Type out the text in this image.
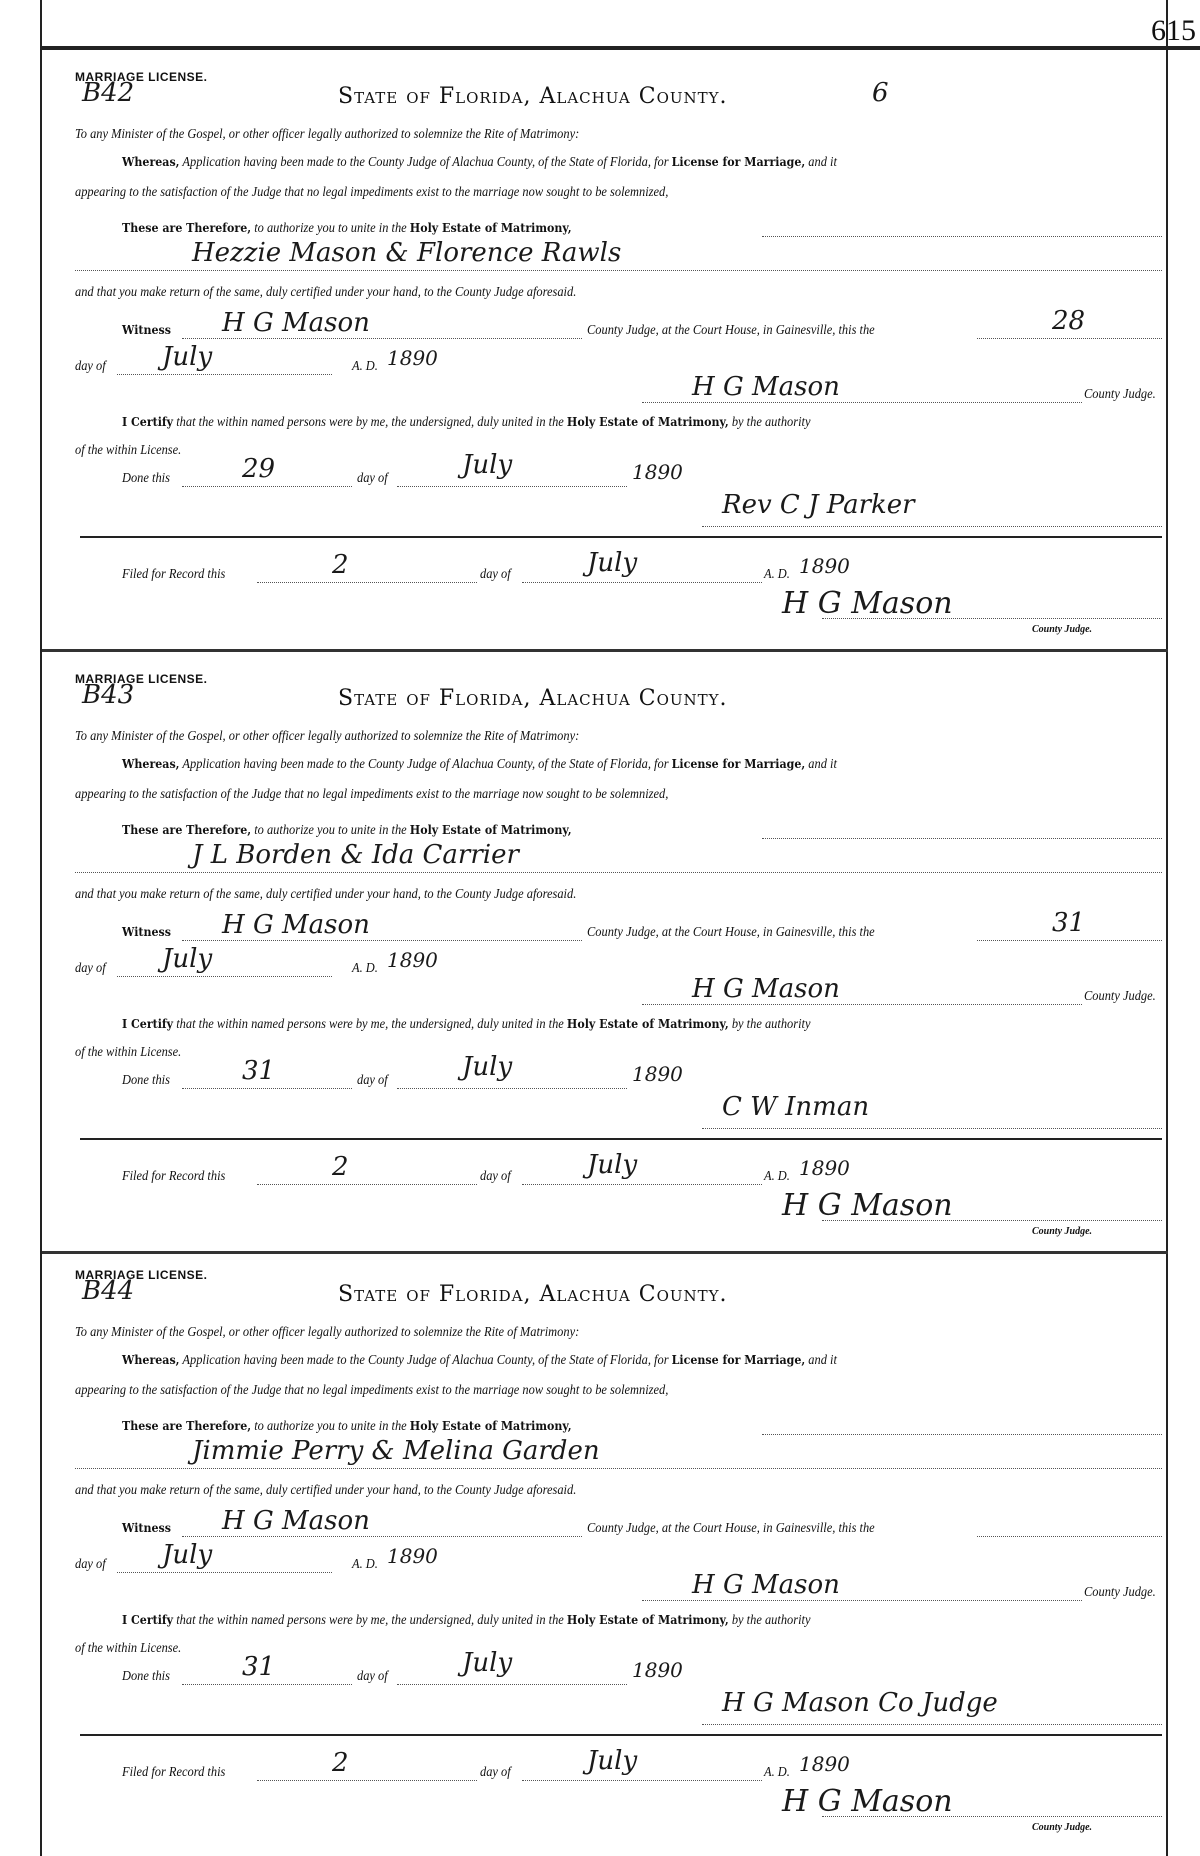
615
MARRIAGE LICENSE.
B42	State of Florida, Alachua County.	6
To any Minister of the Gospel, or other officer legally authorized to solemnize the Rite of Matrimony:
Whereas, Application having been made to the County Judge of Alachua County, of the State of Florida, for License for Marriage, and it
appearing to the satisfaction of the Judge that no legal impediments exist to the marriage now sought to be solemnized,
These are Therefore, to authorize you to unite in the Holy Estate of Matrimony,
Hezzie Mason & Florence Rawls
and that you make return of the same, duly certified under your hand, to the County Judge aforesaid.
Witness H G Mason	County Judge, at the Court House, in Gainesville, this the	28
day of July	A. D. 1890
H G Mason	County Judge.
I Certify that the within named persons were by me, the undersigned, duly united in the Holy Estate of Matrimony, by the authority
of the within License.
Done this	29	day of	July	1890
Rev C J Parker
Filed for Record this	2	day of	July	A. D. 1890
H G Mason
County Judge.
MARRIAGE LICENSE.
B43	State of Florida, Alachua County.
To any Minister of the Gospel, or other officer legally authorized to solemnize the Rite of Matrimony:
Whereas, Application having been made to the County Judge of Alachua County, of the State of Florida, for License for Marriage, and it
appearing to the satisfaction of the Judge that no legal impediments exist to the marriage now sought to be solemnized,
These are Therefore, to authorize you to unite in the Holy Estate of Matrimony,
J L Borden & Ida Carrier
and that you make return of the same, duly certified under your hand, to the County Judge aforesaid.
Witness H G Mason	County Judge, at the Court House, in Gainesville, this the	31
day of July	A. D. 1890
H G Mason	County Judge.
I Certify that the within named persons were by me, the undersigned, duly united in the Holy Estate of Matrimony, by the authority
of the within License.
Done this	31	day of	July	1890
C W Inman
Filed for Record this	2	day of	July	A. D. 1890
H G Mason
County Judge.
MARRIAGE LICENSE.
B44	State of Florida, Alachua County.
To any Minister of the Gospel, or other officer legally authorized to solemnize the Rite of Matrimony:
Whereas, Application having been made to the County Judge of Alachua County, of the State of Florida, for License for Marriage, and it
appearing to the satisfaction of the Judge that no legal impediments exist to the marriage now sought to be solemnized,
These are Therefore, to authorize you to unite in the Holy Estate of Matrimony,
Jimmie Perry & Melina Garden
and that you make return of the same, duly certified under your hand, to the County Judge aforesaid.
Witness H G Mason	County Judge, at the Court House, in Gainesville, this the
day of July	A. D. 1890
H G Mason	County Judge.
I Certify that the within named persons were by me, the undersigned, duly united in the Holy Estate of Matrimony, by the authority
of the within License.
Done this	31	day of	July	1890
H G Mason Co Judge
Filed for Record this	2	day of	July	A. D. 1890
H G Mason
County Judge.
